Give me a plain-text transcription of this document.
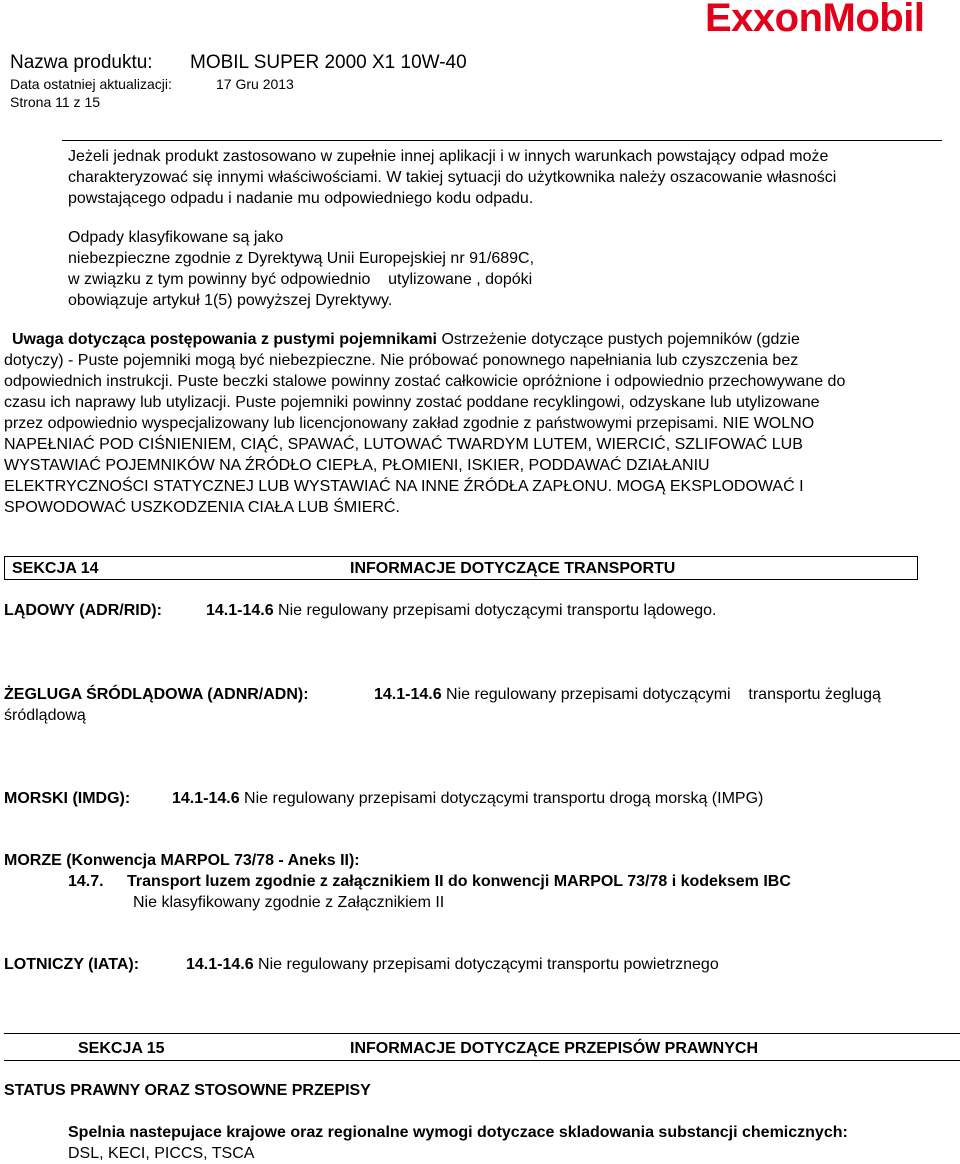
ExxonMobil
Nazwa produktu: MOBIL SUPER 2000 X1 10W-40
Data ostatniej aktualizacji:	17 Gru 2013
Strona 11 z 15
Jeżeli jednak produkt zastosowano w zupełnie innej aplikacji i w innych warunkach powstający odpad może
charakteryzować się innymi właściwościami. W takiej sytuacji do użytkownika należy oszacowanie własności
powstającego odpadu i nadanie mu odpowiedniego kodu odpadu.
Odpady klasyfikowane są jako
niebezpieczne zgodnie z Dyrektywą Unii Europejskiej nr 91/689C,
w związku z tym powinny być odpowiednio    utylizowane , dopóki
obowiązuje artykuł 1(5) powyższej Dyrektywy.
Uwaga dotycząca postępowania z pustymi pojemnikami Ostrzeżenie dotyczące pustych pojemników (gdzie
dotyczy) - Puste pojemniki mogą być niebezpieczne. Nie próbować ponownego napełniania lub czyszczenia bez
odpowiednich instrukcji. Puste beczki stalowe powinny zostać całkowicie opróżnione i odpowiednio przechowywane do
czasu ich naprawy lub utylizacji. Puste pojemniki powinny zostać poddane recyklingowi, odzyskane lub utylizowane
przez odpowiednio wyspecjalizowany lub licencjonowany zakład zgodnie z państwowymi przepisami. NIE WOLNO
NAPEŁNIAĆ POD CIŚNIENIEM, CIĄĆ, SPAWAĆ, LUTOWAĆ TWARDYM LUTEM, WIERCIĆ, SZLIFOWAĆ LUB
WYSTAWIAĆ POJEMNIKÓW NA ŹRÓDŁO CIEPŁA, PŁOMIENI, ISKIER, PODDAWAĆ DZIAŁANIU
ELEKTRYCZNOŚCI STATYCZNEJ LUB WYSTAWIAĆ NA INNE ŹRÓDŁA ZAPŁONU. MOGĄ EKSPLODOWAĆ I
SPOWODOWAĆ USZKODZENIA CIAŁA LUB ŚMIERĆ.
SEKCJA 14	INFORMACJE DOTYCZĄCE TRANSPORTU
LĄDOWY (ADR/RID):	14.1-14.6 Nie regulowany przepisami dotyczącymi transportu lądowego.
ŻEGLUGA ŚRÓDLĄDOWA (ADNR/ADN):	14.1-14.6 Nie regulowany przepisami dotyczącymi    transportu żeglugą
śródlądową
MORSKI (IMDG):	14.1-14.6 Nie regulowany przepisami dotyczącymi transportu drogą morską (IMPG)
MORZE (Konwencja MARPOL 73/78 - Aneks II):
14.7. Transport luzem zgodnie z załącznikiem II do konwencji MARPOL 73/78 i kodeksem IBC
Nie klasyfikowany zgodnie z Załącznikiem II
LOTNICZY (IATA):	14.1-14.6 Nie regulowany przepisami dotyczącymi transportu powietrznego
SEKCJA 15	INFORMACJE DOTYCZĄCE PRZEPISÓW PRAWNYCH
STATUS PRAWNY ORAZ STOSOWNE PRZEPISY
Spelnia nastepujace krajowe oraz regionalne wymogi dotyczace skladowania substancji chemicznych:
DSL, KECI, PICCS, TSCA
